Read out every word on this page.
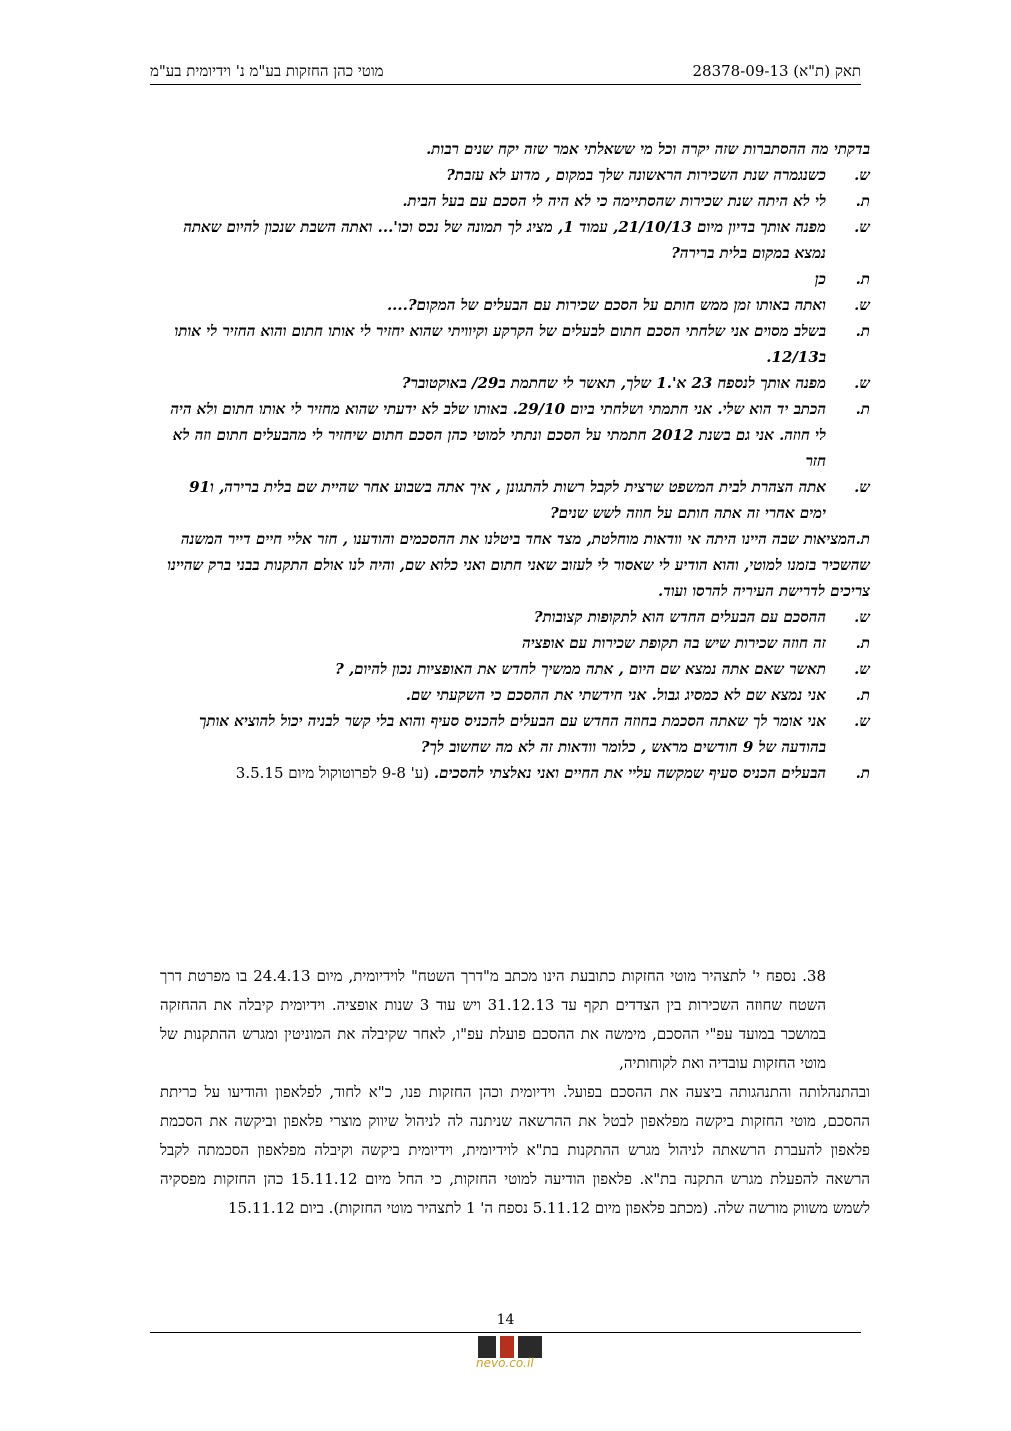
תאק (ת"א) 28378-09-13
מוטי כהן החזקות בע"מ נ' וידיומית בע"מ

בדקתי מה ההסתברות שזה יקרה וכל מי ששאלתי אמר שזה יקח שנים רבות.

ש.
כשנגמרה שנת השכירות הראשונה שלך במקום , מדוע לא עזבת?
ת.
לי לא היתה שנת שכירות שהסתיימה כי לא היה לי הסכם עם בעל הבית.
ש.
מפנה אותך בדיון מיום 21/10/13, עמוד 1, מציג לך תמונה של נכס וכו'... ואתה השבת שנכון להיום שאתה נמצא במקום בלית ברירה?
ת.
כן
ש.
ואתה באותו זמן ממש חותם על הסכם שכירות עם הבעלים של המקום?....
ת.
בשלב מסוים אני שלחתי הסכם חתום לבעלים של הקרקע וקיוויתי שהוא יחזיר לי אותו חתום והוא החזיר לי אותו ב12/13.
ש.
מפנה אותך לנספח 23 א'.1 שלך, תאשר לי שחתמת ב29/ באוקטובר?
ת.
הכתב יד הוא שלי. אני חתמתי ושלחתי ביום 29/10. באותו שלב לא ידעתי שהוא מחזיר לי אותו חתום ולא היה לי חוזה. אני גם בשנת 2012 חתמתי על הסכם ונתתי למוטי כהן הסכם חתום שיחזיר לי מהבעלים חתום וזה לא חזר
ש.
אתה הצהרת לבית המשפט שרצית לקבל רשות להתגונן , איך אתה בשבוע אחר שהיית שם בלית ברירה, ו91 ימים אחרי זה אתה חותם על חוזה לשש שנים?

ת.המציאות שבה היינו היתה אי וודאות מוחלטת, מצד אחד ביטלנו את ההסכמים והודענו , חזר אליי חיים דייר המשנה שהשכיר בזמנו למוטי, והוא הודיע לי שאסור לי לעזוב שאני חתום ואני כלוא שם, והיה לנו אולם התקנות בבני ברק שהיינו צריכים לדרישת העיריה להרסו ועוד.

ש.
ההסכם עם הבעלים החדש הוא לתקופות קצובות?
ת.
זה חוזה שכירות שיש בה תקופת שכירות עם אופציה
ש.
תאשר שאם אתה נמצא שם היום , אתה ממשיך לחדש את האופציות נכון להיום, ?
ת.
אני נמצא שם לא כמסיג גבול. אני חידשתי את ההסכם כי השקעתי שם.
ש.
אני אומר לך שאתה הסכמת בחוזה החדש עם הבעלים להכניס סעיף והוא בלי קשר לבניה יכול להוציא אותך בהודעה של 9 חודשים מראש , כלומר וודאות זה לא מה שחשוב לך?
ת.
הבעלים הכניס סעיף שמקשה עליי את החיים ואני נאלצתי להסכים. (ע' 9-8 לפרוטוקול מיום 3.5.15

38. נספח י' לתצהיר מוטי החזקות כתובעת הינו מכתב מ"דרך השטח" לוידיומית, מיום 24.4.13 בו מפרטת דרך השטח שחוזה השכירות בין הצדדים תקף עד 31.12.13 ויש עוד 3 שנות אופציה. וידיומית קיבלה את ההחזקה במושכר במועד עפ"י ההסכם, מימשה את ההסכם פועלת עפ"ו, לאחר שקיבלה את המוניטין ומגרש ההתקנות של מוטי החזקות עובדיה ואת לקוחותיה,

ובהתנהלותה והתנהגותה ביצעה את ההסכם בפועל. וידיומית וכהן החזקות פנו, כ"א לחוד, לפלאפון והודיעו על כריתת ההסכם, מוטי החזקות ביקשה מפלאפון לבטל את ההרשאה שניתנה לה לניהול שיווק מוצרי פלאפון וביקשה את הסכמת פלאפון להעברת הרשאתה לניהול מגרש ההתקנות בת"א לוידיומית, וידיומית ביקשה וקיבלה מפלאפון הסכמתה לקבל הרשאה להפעלת מגרש התקנה בת"א. פלאפון הודיעה למוטי החזקות, כי החל מיום 15.11.12 כהן החזקות מפסקיה לשמש משווק מורשה שלה. (מכתב פלאפון מיום 5.11.12 נספח ה' 1 לתצהיר מוטי החזקות). ביום 15.11.12

14
nevo.co.il
